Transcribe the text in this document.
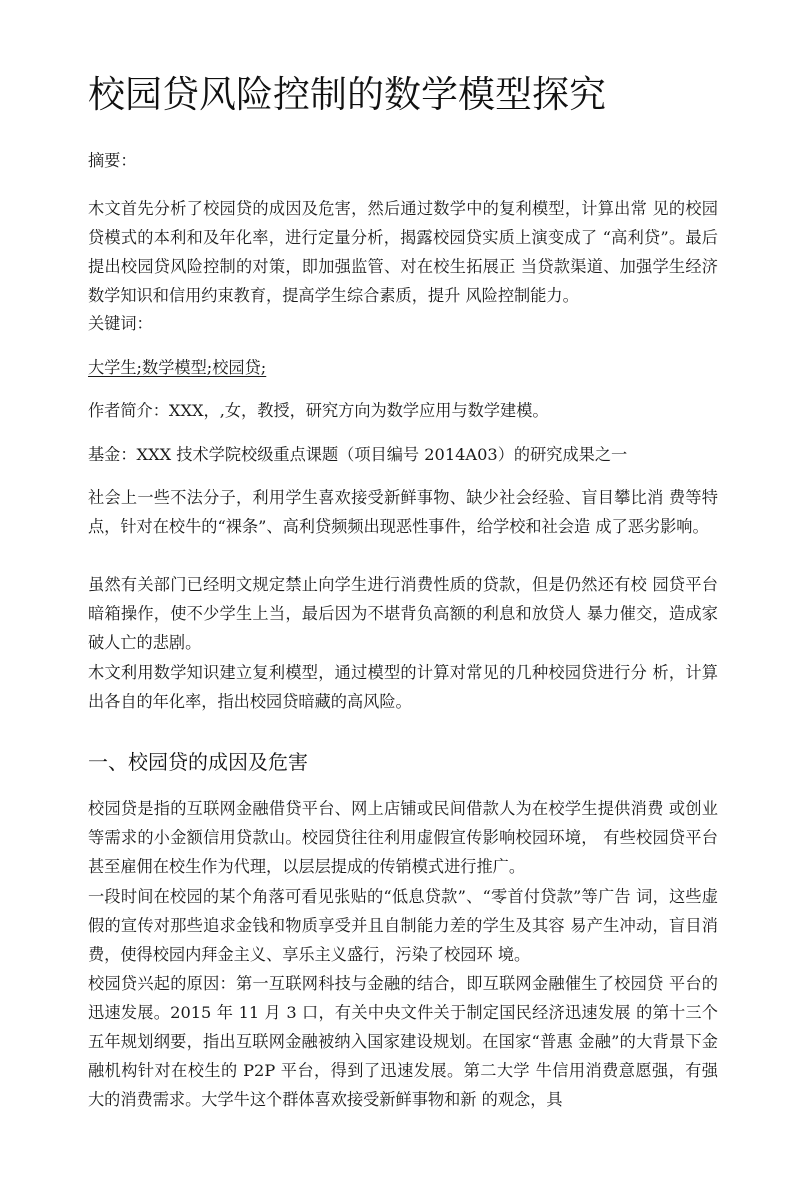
校园贷风险控制的数学模型探究

摘要：

木文首先分析了校园贷的成因及危害，然后通过数学中的复利模型，计算出常 见的校园贷模式的本利和及年化率，进行定量分析，揭露校园贷实质上演变成了 “高利贷”。最后提出校园贷风险控制的对策，即加强监管、对在校生拓展正 当贷款渠道、加强学生经济数学知识和信用约束教育，提高学生综合素质，提升 风险控制能力。

关键词：

大学生;数学模型;校园贷;

作者简介：XXX，,女，教授，研究方向为数学应用与数学建模。

基金：XXX 技术学院校级重点课题（项目编号 2014A03）的研究成果之一

社会上一些不法分子，利用学生喜欢接受新鲜事物、缺少社会经验、盲目攀比消 费等特点，针对在校牛的“裸条”、高利贷频频出现恶性事件，给学校和社会造 成了恶劣影响。

虽然有关部门已经明文规定禁止向学生进行消费性质的贷款，但是仍然还有校 园贷平台暗箱操作，使不少学生上当，最后因为不堪背负高额的利息和放贷人 暴力催交，造成家破人亡的悲剧。

木文利用数学知识建立复利模型，通过模型的计算对常见的几种校园贷进行分 析，计算出各自的年化率，指出校园贷暗藏的高风险。

一、校园贷的成因及危害

校园贷是指的互联网金融借贷平台、网上店铺或民间借款人为在校学生提供消费 或创业等需求的小金额信用贷款山。校园贷往往利用虚假宣传影响校园环境， 有些校园贷平台甚至雇佣在校生作为代理，以层层提成的传销模式进行推广。

一段时间在校园的某个角落可看见张贴的“低息贷款”、“零首付贷款”等广告 词，这些虚假的宣传对那些追求金钱和物质享受并且自制能力差的学生及其容 易产生冲动，盲目消费，使得校园内拜金主义、享乐主义盛行，污染了校园环 境。

校园贷兴起的原因：第一互联网科技与金融的结合，即互联网金融催生了校园贷 平台的迅速发展。2015 年 11 月 3 口，有关中央文件关于制定国民经济迅速发展 的第十三个五年规划纲要，指出互联网金融被纳入国家建设规划。在国家“普惠 金融”的大背景下金融机构针对在校生的 P2P 平台，得到了迅速发展。第二大学 牛信用消费意愿强，有强大的消费需求。大学牛这个群体喜欢接受新鲜事物和新 的观念，具
